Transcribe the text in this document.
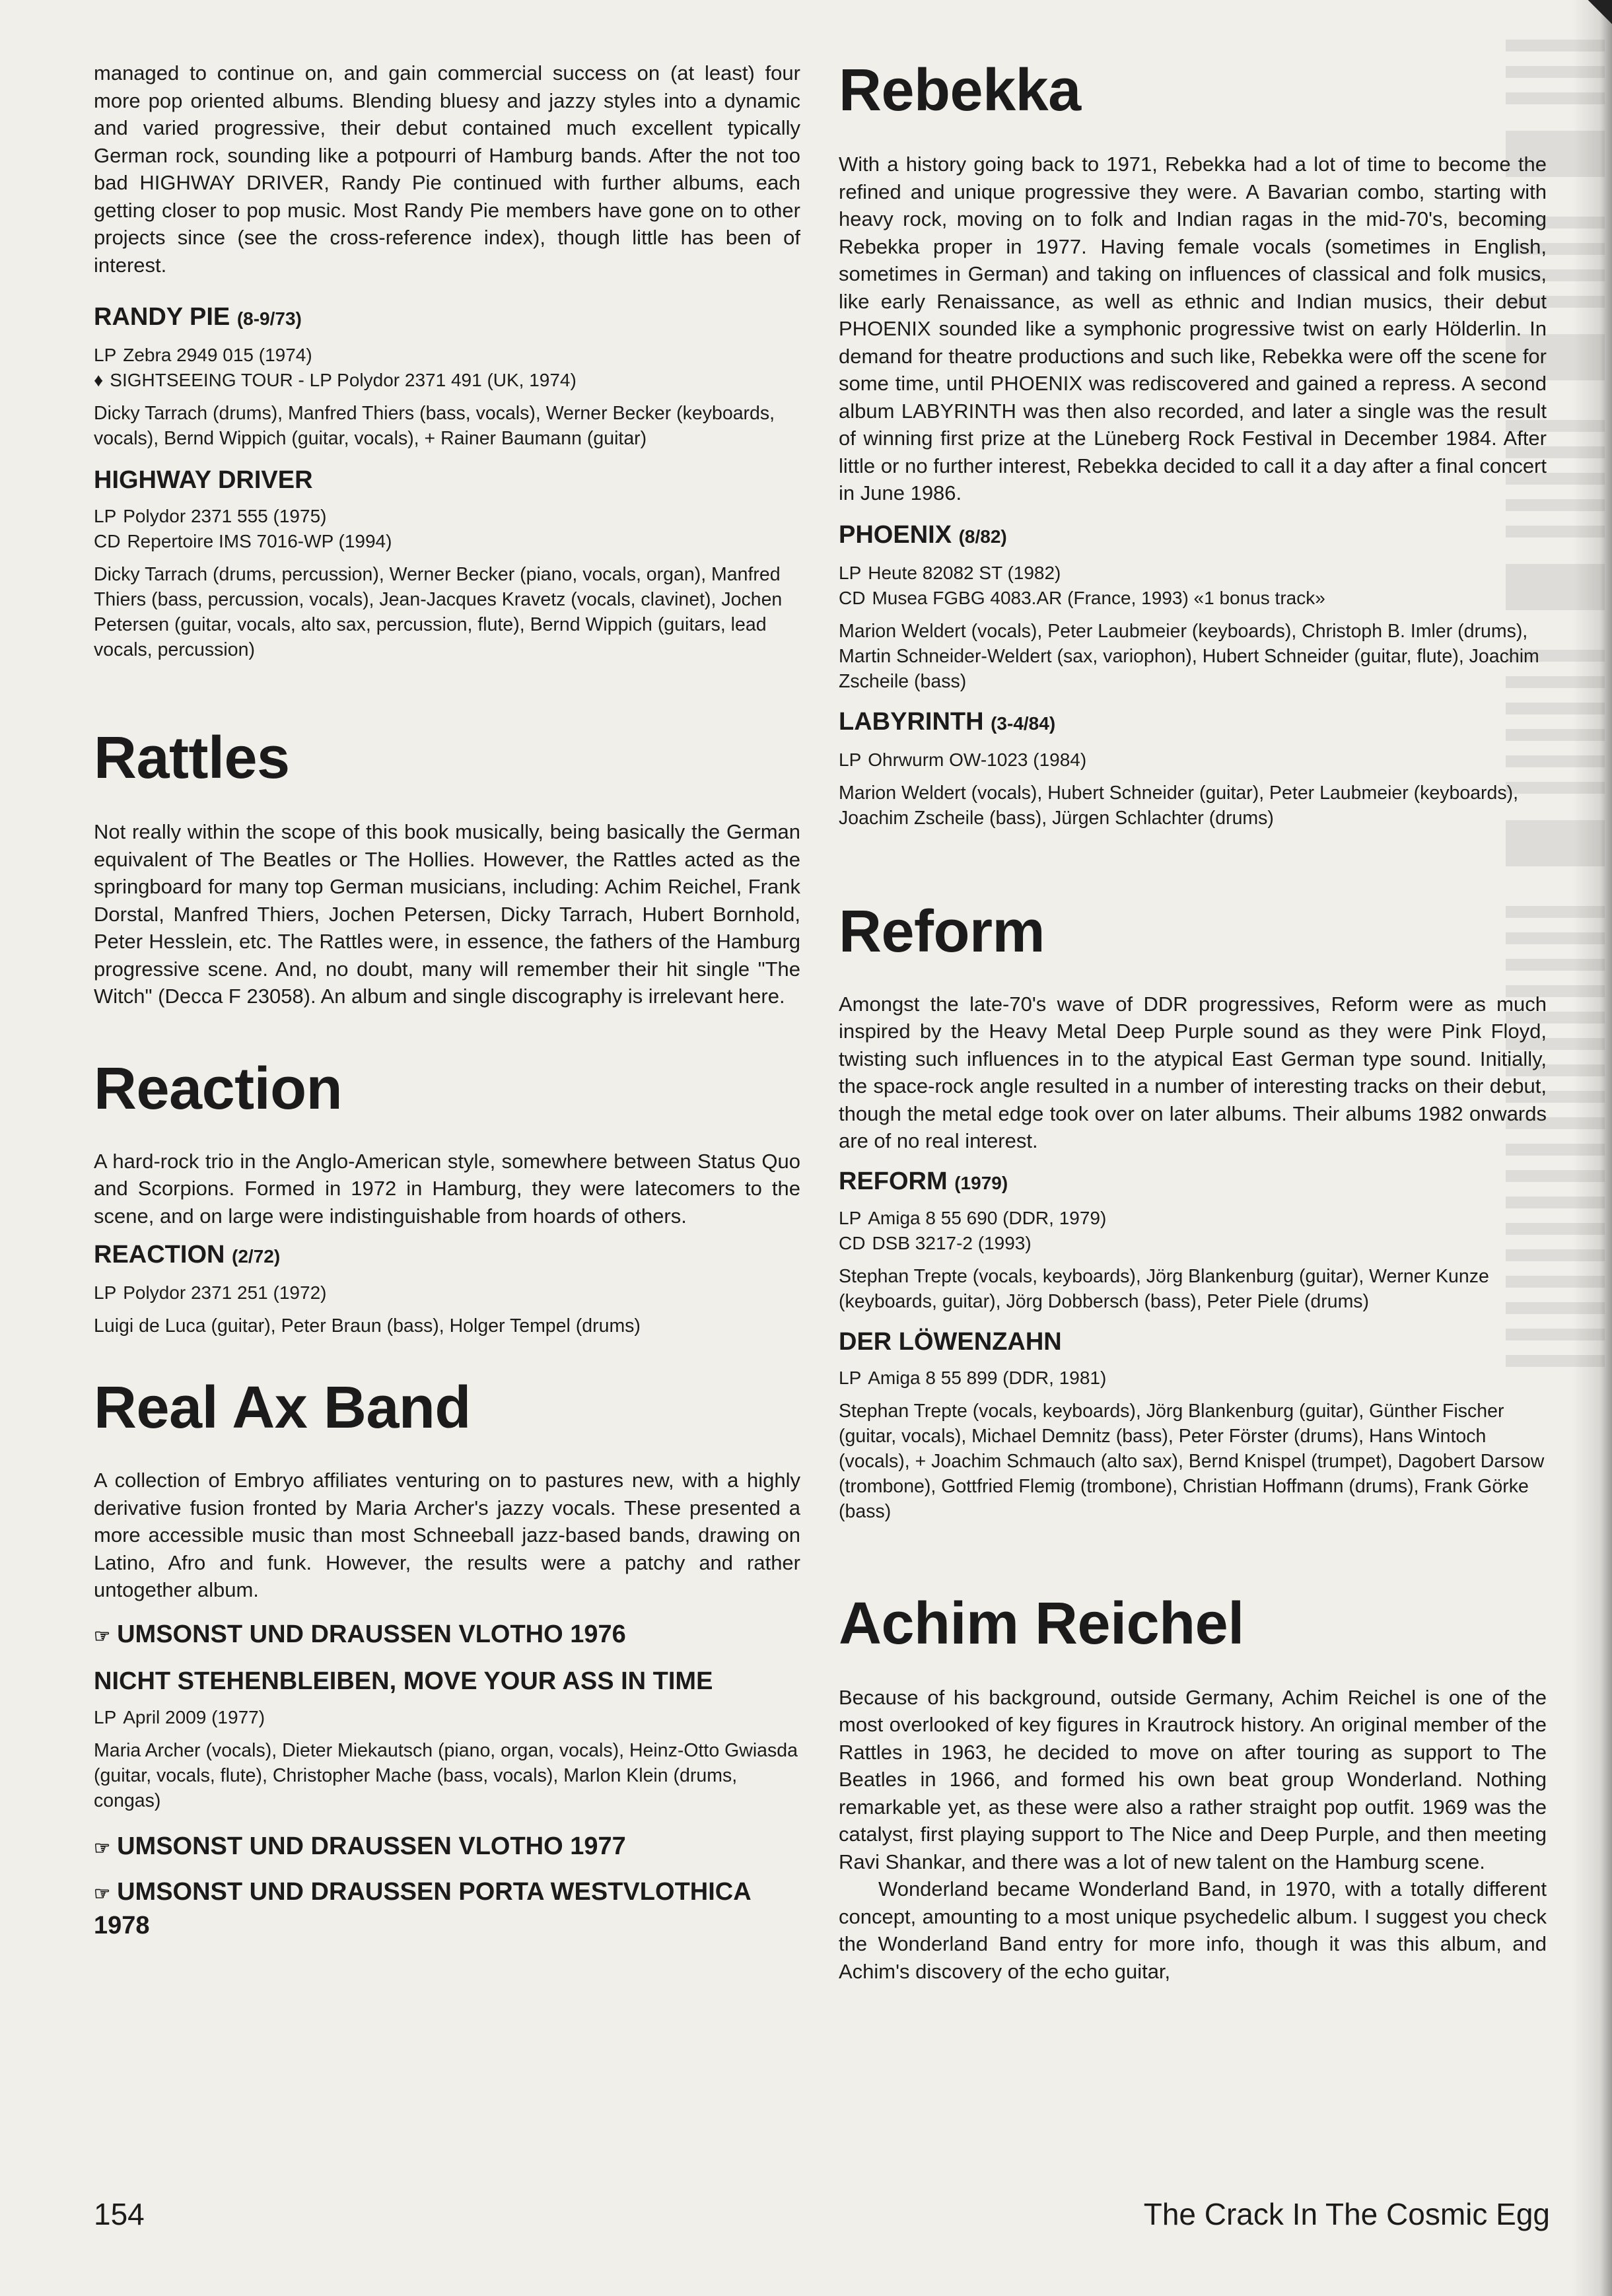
managed to continue on, and gain commercial success on (at least) four more pop oriented albums. Blending bluesy and jazzy styles into a dynamic and varied progressive, their debut contained much excellent typically German rock, sounding like a potpourri of Hamburg bands. After the not too bad HIGHWAY DRIVER, Randy Pie continued with further albums, each getting closer to pop music. Most Randy Pie members have gone on to other projects since (see the cross-reference index), though little has been of interest.

RANDY PIE (8-9/73)

LP Zebra 2949 015 (1974)

♦ SIGHTSEEING TOUR - LP Polydor 2371 491 (UK, 1974)

Dicky Tarrach (drums), Manfred Thiers (bass, vocals), Werner Becker (keyboards, vocals), Bernd Wippich (guitar, vocals), + Rainer Baumann (guitar)

HIGHWAY DRIVER

LP Polydor 2371 555 (1975)

CD Repertoire IMS 7016-WP (1994)

Dicky Tarrach (drums, percussion), Werner Becker (piano, vocals, organ), Manfred Thiers (bass, percussion, vocals), Jean-Jacques Kravetz (vocals, clavinet), Jochen Petersen (guitar, vocals, alto sax, percussion, flute), Bernd Wippich (guitars, lead vocals, percussion)

Rattles

Not really within the scope of this book musically, being basically the German equivalent of The Beatles or The Hollies. However, the Rattles acted as the springboard for many top German musicians, including: Achim Reichel, Frank Dorstal, Manfred Thiers, Jochen Petersen, Dicky Tarrach, Hubert Bornhold, Peter Hesslein, etc. The Rattles were, in essence, the fathers of the Hamburg progressive scene. And, no doubt, many will remember their hit single "The Witch" (Decca F 23058). An album and single discography is irrelevant here.

Reaction

A hard-rock trio in the Anglo-American style, somewhere between Status Quo and Scorpions. Formed in 1972 in Hamburg, they were latecomers to the scene, and on large were indistinguishable from hoards of others.

REACTION (2/72)

LP Polydor 2371 251 (1972)

Luigi de Luca (guitar), Peter Braun (bass), Holger Tempel (drums)

Real Ax Band

A collection of Embryo affiliates venturing on to pastures new, with a highly derivative fusion fronted by Maria Archer's jazzy vocals. These presented a more accessible music than most Schneeball jazz-based bands, drawing on Latino, Afro and funk. However, the results were a patchy and rather untogether album.

☞ UMSONST UND DRAUSSEN VLOTHO 1976
NICHT STEHENBLEIBEN, MOVE YOUR ASS IN TIME

LP April 2009 (1977)

Maria Archer (vocals), Dieter Miekautsch (piano, organ, vocals), Heinz-Otto Gwiasda (guitar, vocals, flute), Christopher Mache (bass, vocals), Marlon Klein (drums, congas)

☞ UMSONST UND DRAUSSEN VLOTHO 1977
☞ UMSONST UND DRAUSSEN PORTA WESTVLOTHICA 1978
Rebekka

With a history going back to 1971, Rebekka had a lot of time to become the refined and unique progressive they were. A Bavarian combo, starting with heavy rock, moving on to folk and Indian ragas in the mid-70's, becoming Rebekka proper in 1977. Having female vocals (sometimes in English, sometimes in German) and taking on influences of classical and folk musics, like early Renaissance, as well as ethnic and Indian musics, their debut PHOENIX sounded like a symphonic progressive twist on early Hölderlin. In demand for theatre productions and such like, Rebekka were off the scene for some time, until PHOENIX was rediscovered and gained a repress. A second album LABYRINTH was then also recorded, and later a single was the result of winning first prize at the Lüneberg Rock Festival in December 1984. After little or no further interest, Rebekka decided to call it a day after a final concert in June 1986.

PHOENIX (8/82)

LP Heute 82082 ST (1982)

CD Musea FGBG 4083.AR (France, 1993) «1 bonus track»

Marion Weldert (vocals), Peter Laubmeier (keyboards), Christoph B. Imler (drums), Martin Schneider-Weldert (sax, variophon), Hubert Schneider (guitar, flute), Joachim Zscheile (bass)

LABYRINTH (3-4/84)

LP Ohrwurm OW-1023 (1984)

Marion Weldert (vocals), Hubert Schneider (guitar), Peter Laubmeier (keyboards), Joachim Zscheile (bass), Jürgen Schlachter (drums)

Reform

Amongst the late-70's wave of DDR progressives, Reform were as much inspired by the Heavy Metal Deep Purple sound as they were Pink Floyd, twisting such influences in to the atypical East German type sound. Initially, the space-rock angle resulted in a number of interesting tracks on their debut, though the metal edge took over on later albums. Their albums 1982 onwards are of no real interest.

REFORM (1979)

LP Amiga 8 55 690 (DDR, 1979)

CD DSB 3217-2 (1993)

Stephan Trepte (vocals, keyboards), Jörg Blankenburg (guitar), Werner Kunze (keyboards, guitar), Jörg Dobbersch (bass), Peter Piele (drums)

DER LÖWENZAHN

LP Amiga 8 55 899 (DDR, 1981)

Stephan Trepte (vocals, keyboards), Jörg Blankenburg (guitar), Günther Fischer (guitar, vocals), Michael Demnitz (bass), Peter Förster (drums), Hans Wintoch (vocals), + Joachim Schmauch (alto sax), Bernd Knispel (trumpet), Dagobert Darsow (trombone), Gottfried Flemig (trombone), Christian Hoffmann (drums), Frank Görke (bass)

Achim Reichel

Because of his background, outside Germany, Achim Reichel is one of the most overlooked of key figures in Krautrock history. An original member of the Rattles in 1963, he decided to move on after touring as support to The Beatles in 1966, and formed his own beat group Wonderland. Nothing remarkable yet, as these were also a rather straight pop outfit. 1969 was the catalyst, first playing support to The Nice and Deep Purple, and then meeting Ravi Shankar, and there was a lot of new talent on the Hamburg scene.

Wonderland became Wonderland Band, in 1970, with a totally different concept, amounting to a most unique psychedelic album. I suggest you check the Wonderland Band entry for more info, though it was this album, and Achim's discovery of the echo guitar,

154	The Crack In The Cosmic Egg
